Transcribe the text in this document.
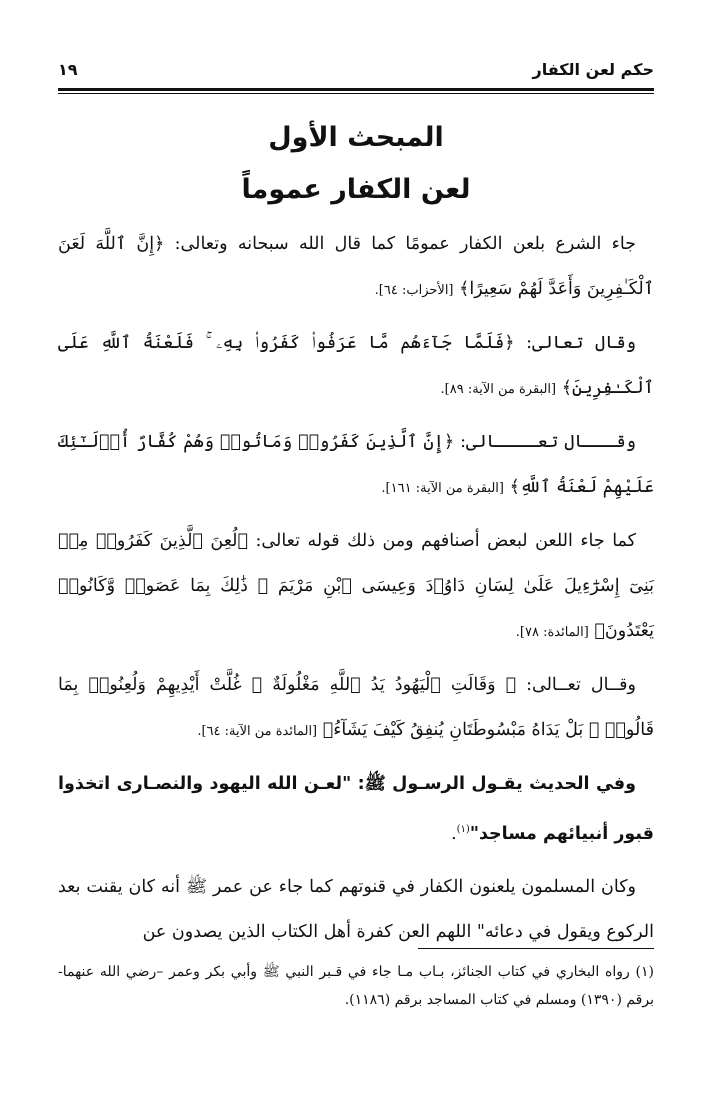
حكم لعن الكفار
١٩
المبحث الأول
لعن الكفار عموماً

جاء الشرع بلعن الكفار عمومًا كما قال الله سبحانه وتعالى: ﴿إِنَّ ٱللَّهَ لَعَنَ ٱلْكَـٰفِرِينَ وَأَعَدَّ لَهُمْ سَعِيرًا﴾ [الأحزاب: ٦٤].

وقال تعالى: ﴿فَلَمَّا جَآءَهُم مَّا عَرَفُوا۟ كَفَرُوا۟ بِهِۦ ۚ فَلَعْنَةُ ٱللَّهِ عَلَى ٱلْكَـٰفِرِينَ﴾ [البقرة من الآية: ٨٩].

وقـــال تعــــالى: ﴿إِنَّ ٱلَّذِينَ كَفَرُوا۟ وَمَاتُوا۟ وَهُمْ كُفَّارٌ أُو۟لَـٰٓئِكَ عَلَيْهِمْ لَعْنَةُ ٱللَّهِ﴾ [البقرة من الآية: ١٦١].

كما جاء اللعن لبعض أصنافهم ومن ذلك قوله تعالى: ﴿لُعِنَ ٱلَّذِينَ كَفَرُوا۟ مِنۢ بَنِىٓ إِسْرَٰٓءِيلَ عَلَىٰ لِسَانِ دَاوُۥدَ وَعِيسَى ٱبْنِ مَرْيَمَ ۚ ذَٰلِكَ بِمَا عَصَوا۟ وَّكَانُوا۟ يَعْتَدُونَ﴾ [المائدة: ٧٨].

وقــال تعــالى: ﴿ وَقَالَتِ ٱلْيَهُودُ يَدُ ٱللَّهِ مَغْلُولَةٌ ۚ غُلَّتْ أَيْدِيهِمْ وَلُعِنُوا۟ بِمَا قَالُوا۟ ۘ بَلْ يَدَاهُ مَبْسُوطَتَانِ يُنفِقُ كَيْفَ يَشَآءُ﴾ [المائدة من الآية: ٦٤].

وفي الحديث يقـول الرسـول ﷺ: "لعـن الله اليهود والنصـارى اتخذوا قبور أنبيائهم مساجد"$^{(١)}$.

وكان المسلمون يلعنون الكفار في قنوتهم كما جاء عن عمر ﷺ أنه كان يقنت بعد الركوع ويقول في دعائه" اللهم العن كفرة أهل الكتاب الذين يصدون عن

(١) رواه البخاري في كتاب الجنائز، بـاب مـا جاء في قـبر النبي ﷺ وأبي بكر وعمر –رضي الله عنهما- برقم (١٣٩٠) ومسلم في كتاب المساجد برقم (١١٨٦).
